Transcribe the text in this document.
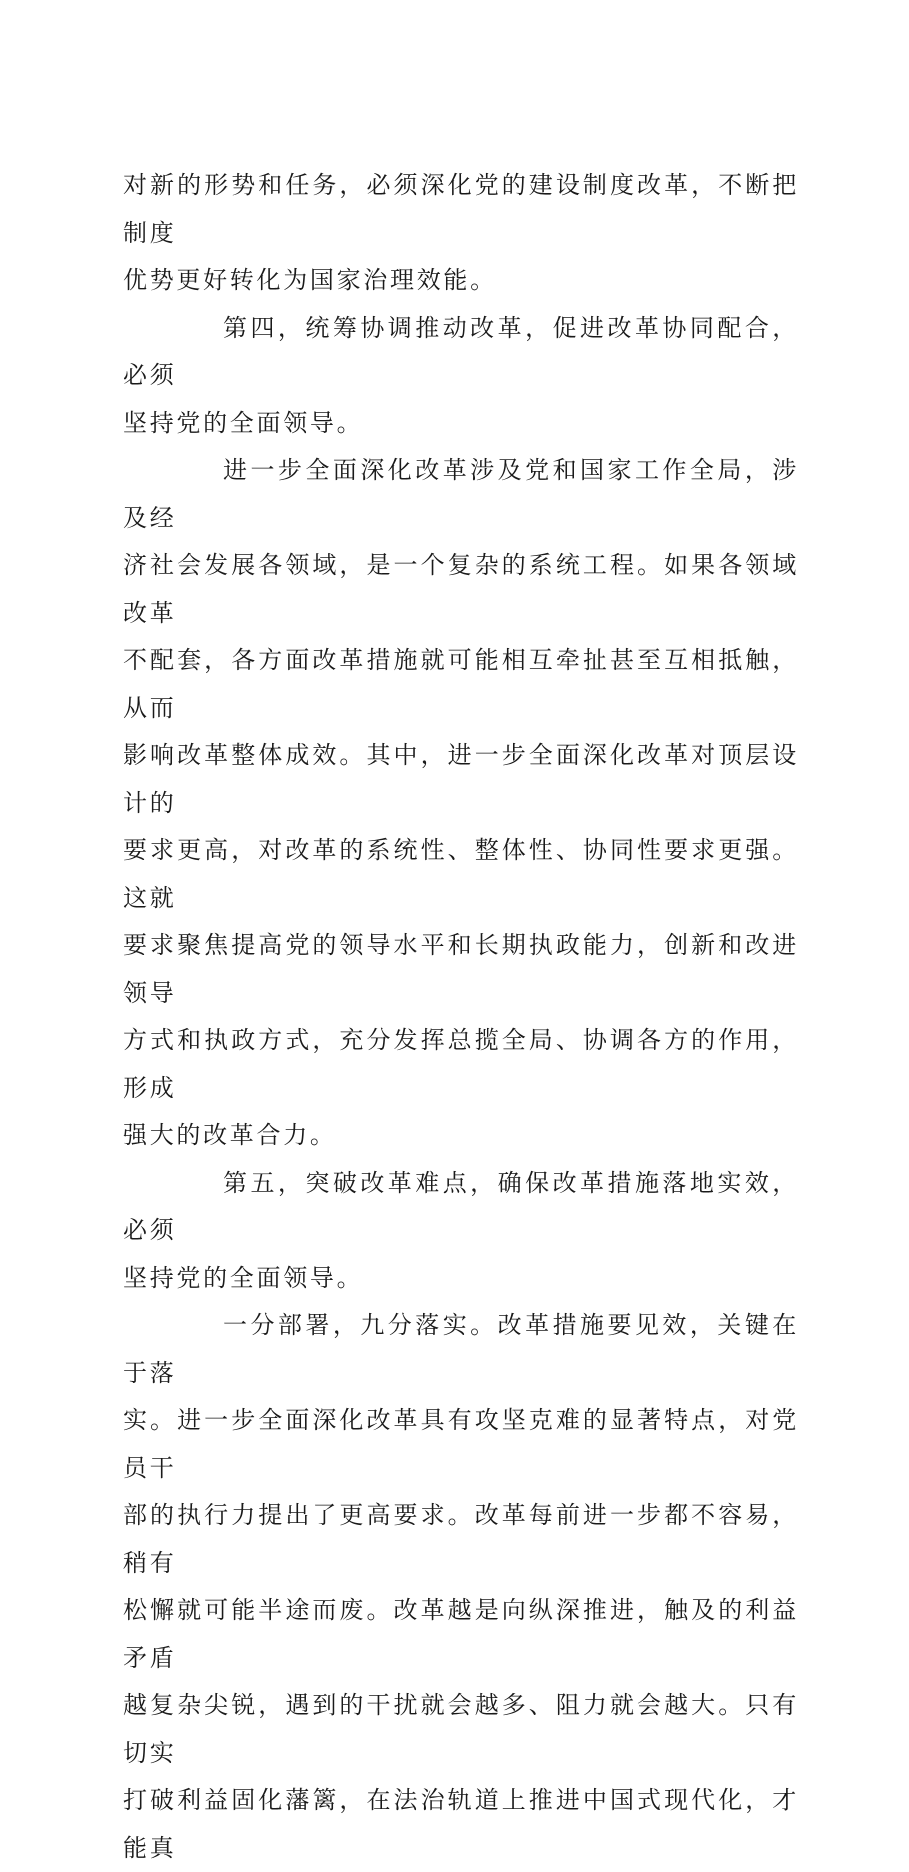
对新的形势和任务，必须深化党的建设制度改革，不断把制度
优势更好转化为国家治理效能。

第四，统筹协调推动改革，促进改革协同配合，必须
坚持党的全面领导。

进一步全面深化改革涉及党和国家工作全局，涉及经
济社会发展各领域，是一个复杂的系统工程。如果各领域改革
不配套，各方面改革措施就可能相互牵扯甚至互相抵触，从而
影响改革整体成效。其中，进一步全面深化改革对顶层设计的
要求更高，对改革的系统性、整体性、协同性要求更强。这就
要求聚焦提高党的领导水平和长期执政能力，创新和改进领导
方式和执政方式，充分发挥总揽全局、协调各方的作用，形成
强大的改革合力。

第五，突破改革难点，确保改革措施落地实效，必须
坚持党的全面领导。

一分部署，九分落实。改革措施要见效，关键在于落
实。进一步全面深化改革具有攻坚克难的显著特点，对党员干
部的执行力提出了更高要求。改革每前进一步都不容易，稍有
松懈就可能半途而废。改革越是向纵深推进，触及的利益矛盾
越复杂尖锐，遇到的干扰就会越多、阻力就会越大。只有切实
打破利益固化藩篱，在法治轨道上推进中国式现代化，才能真
